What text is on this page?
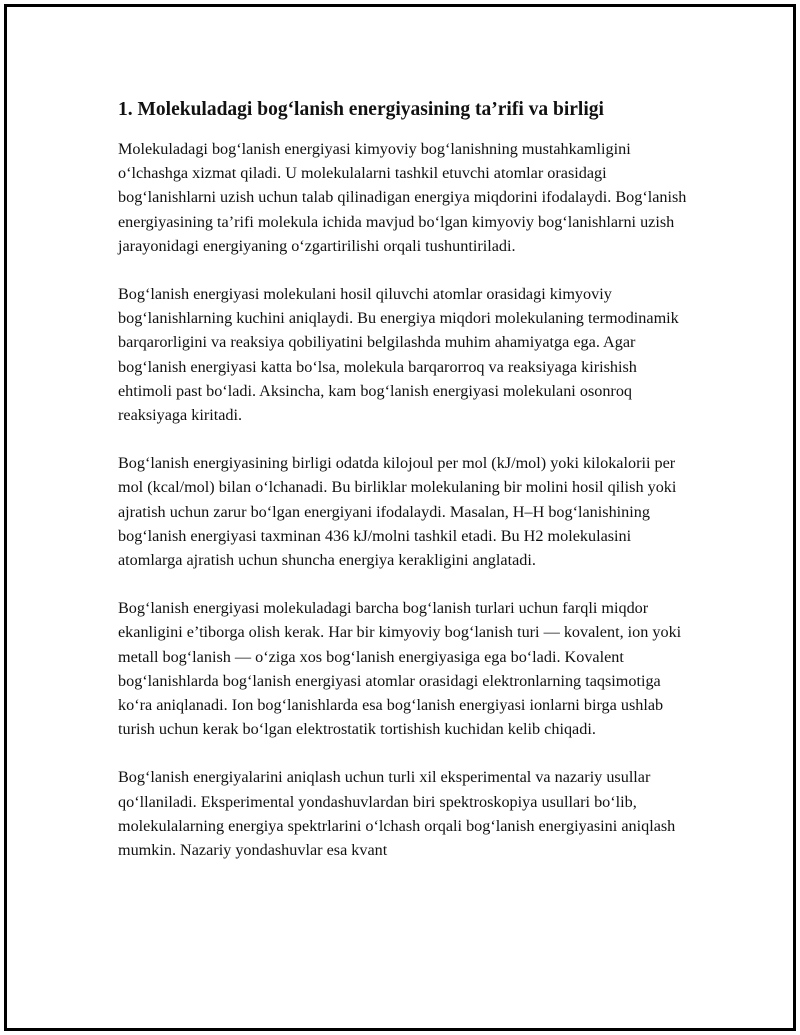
1. Molekuladagi bog‘lanish energiyasining ta’rifi va birligi

Molekuladagi bog‘lanish energiyasi kimyoviy bog‘lanishning mustahkamligini o‘lchashga xizmat qiladi. U molekulalarni tashkil etuvchi atomlar orasidagi bog‘lanishlarni uzish uchun talab qilinadigan energiya miqdorini ifodalaydi. Bog‘lanish energiyasining ta’rifi molekula ichida mavjud bo‘lgan kimyoviy bog‘lanishlarni uzish jarayonidagi energiyaning o‘zgartirilishi orqali tushuntiriladi.

Bog‘lanish energiyasi molekulani hosil qiluvchi atomlar orasidagi kimyoviy bog‘lanishlarning kuchini aniqlaydi. Bu energiya miqdori molekulaning termodinamik barqarorligini va reaksiya qobiliyatini belgilashda muhim ahamiyatga ega. Agar bog‘lanish energiyasi katta bo‘lsa, molekula barqarorroq va reaksiyaga kirishish ehtimoli past bo‘ladi. Aksincha, kam bog‘lanish energiyasi molekulani osonroq reaksiyaga kiritadi.

Bog‘lanish energiyasining birligi odatda kilojoul per mol (kJ/mol) yoki kilokalorii per mol (kcal/mol) bilan o‘lchanadi. Bu birliklar molekulaning bir molini hosil qilish yoki ajratish uchun zarur bo‘lgan energiyani ifodalaydi. Masalan, H–H bog‘lanishining bog‘lanish energiyasi taxminan 436 kJ/molni tashkil etadi. Bu H2 molekulasini atomlarga ajratish uchun shuncha energiya kerakligini anglatadi.

Bog‘lanish energiyasi molekuladagi barcha bog‘lanish turlari uchun farqli miqdor ekanligini e’tiborga olish kerak. Har bir kimyoviy bog‘lanish turi — kovalent, ion yoki metall bog‘lanish — o‘ziga xos bog‘lanish energiyasiga ega bo‘ladi. Kovalent bog‘lanishlarda bog‘lanish energiyasi atomlar orasidagi elektronlarning taqsimotiga ko‘ra aniqlanadi. Ion bog‘lanishlarda esa bog‘lanish energiyasi ionlarni birga ushlab turish uchun kerak bo‘lgan elektrostatik tortishish kuchidan kelib chiqadi.

Bog‘lanish energiyalarini aniqlash uchun turli xil eksperimental va nazariy usullar qo‘llaniladi. Eksperimental yondashuvlardan biri spektroskopiya usullari bo‘lib, molekulalarning energiya spektrlarini o‘lchash orqali bog‘lanish energiyasini aniqlash mumkin. Nazariy yondashuvlar esa kvant
